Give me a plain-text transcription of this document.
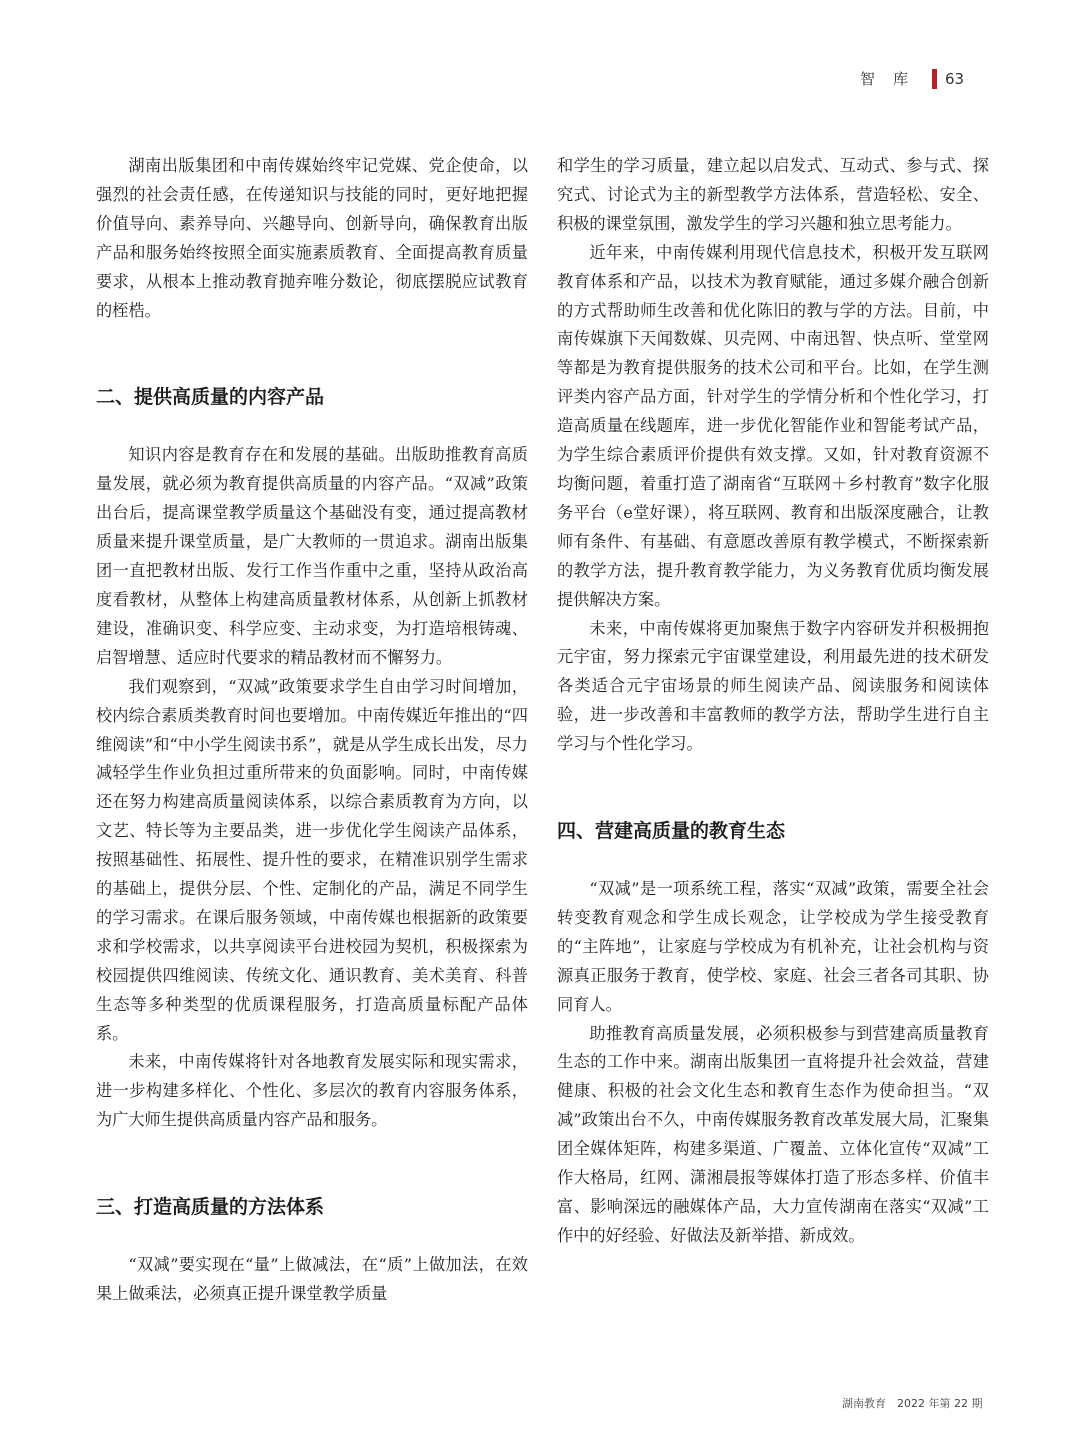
智库 63

湖南出版集团和中南传媒始终牢记党媒、党企使命，以强烈的社会责任感，在传递知识与技能的同时，更好地把握价值导向、素养导向、兴趣导向、创新导向，确保教育出版产品和服务始终按照全面实施素质教育、全面提高教育质量要求，从根本上推动教育抛弃唯分数论，彻底摆脱应试教育的桎梏。

二、提供高质量的内容产品

知识内容是教育存在和发展的基础。出版助推教育高质量发展，就必须为教育提供高质量的内容产品。“双减”政策出台后，提高课堂教学质量这个基础没有变，通过提高教材质量来提升课堂质量，是广大教师的一贯追求。湖南出版集团一直把教材出版、发行工作当作重中之重，坚持从政治高度看教材，从整体上构建高质量教材体系，从创新上抓教材建设，准确识变、科学应变、主动求变，为打造培根铸魂、启智增慧、适应时代要求的精品教材而不懈努力。

我们观察到，“双减”政策要求学生自由学习时间增加，校内综合素质类教育时间也要增加。中南传媒近年推出的“四维阅读”和“中小学生阅读书系”，就是从学生成长出发，尽力减轻学生作业负担过重所带来的负面影响。同时，中南传媒还在努力构建高质量阅读体系，以综合素质教育为方向，以文艺、特长等为主要品类，进一步优化学生阅读产品体系，按照基础性、拓展性、提升性的要求，在精准识别学生需求的基础上，提供分层、个性、定制化的产品，满足不同学生的学习需求。在课后服务领域，中南传媒也根据新的政策要求和学校需求，以共享阅读平台进校园为契机，积极探索为校园提供四维阅读、传统文化、通识教育、美术美育、科普生态等多种类型的优质课程服务，打造高质量标配产品体系。

未来，中南传媒将针对各地教育发展实际和现实需求，进一步构建多样化、个性化、多层次的教育内容服务体系，为广大师生提供高质量内容产品和服务。

三、打造高质量的方法体系

“双减”要实现在“量”上做减法，在“质”上做加法，在效果上做乘法，必须真正提升课堂教学质量

和学生的学习质量，建立起以启发式、互动式、参与式、探究式、讨论式为主的新型教学方法体系，营造轻松、安全、积极的课堂氛围，激发学生的学习兴趣和独立思考能力。

近年来，中南传媒利用现代信息技术，积极开发互联网教育体系和产品，以技术为教育赋能，通过多媒介融合创新的方式帮助师生改善和优化陈旧的教与学的方法。目前，中南传媒旗下天闻数媒、贝壳网、中南迅智、快点听、堂堂网等都是为教育提供服务的技术公司和平台。比如，在学生测评类内容产品方面，针对学生的学情分析和个性化学习，打造高质量在线题库，进一步优化智能作业和智能考试产品，为学生综合素质评价提供有效支撑。又如，针对教育资源不均衡问题，着重打造了湖南省“互联网＋乡村教育”数字化服务平台（e堂好课），将互联网、教育和出版深度融合，让教师有条件、有基础、有意愿改善原有教学模式，不断探索新的教学方法，提升教育教学能力，为义务教育优质均衡发展提供解决方案。

未来，中南传媒将更加聚焦于数字内容研发并积极拥抱元宇宙，努力探索元宇宙课堂建设，利用最先进的技术研发各类适合元宇宙场景的师生阅读产品、阅读服务和阅读体验，进一步改善和丰富教师的教学方法，帮助学生进行自主学习与个性化学习。

四、营建高质量的教育生态

“双减”是一项系统工程，落实“双减”政策，需要全社会转变教育观念和学生成长观念，让学校成为学生接受教育的“主阵地”，让家庭与学校成为有机补充，让社会机构与资源真正服务于教育，使学校、家庭、社会三者各司其职、协同育人。

助推教育高质量发展，必须积极参与到营建高质量教育生态的工作中来。湖南出版集团一直将提升社会效益，营建健康、积极的社会文化生态和教育生态作为使命担当。“双减”政策出台不久，中南传媒服务教育改革发展大局，汇聚集团全媒体矩阵，构建多渠道、广覆盖、立体化宣传“双减”工作大格局，红网、潇湘晨报等媒体打造了形态多样、价值丰富、影响深远的融媒体产品，大力宣传湖南在落实“双减”工作中的好经验、好做法及新举措、新成效。

湖南教育　2022 年第 22 期
